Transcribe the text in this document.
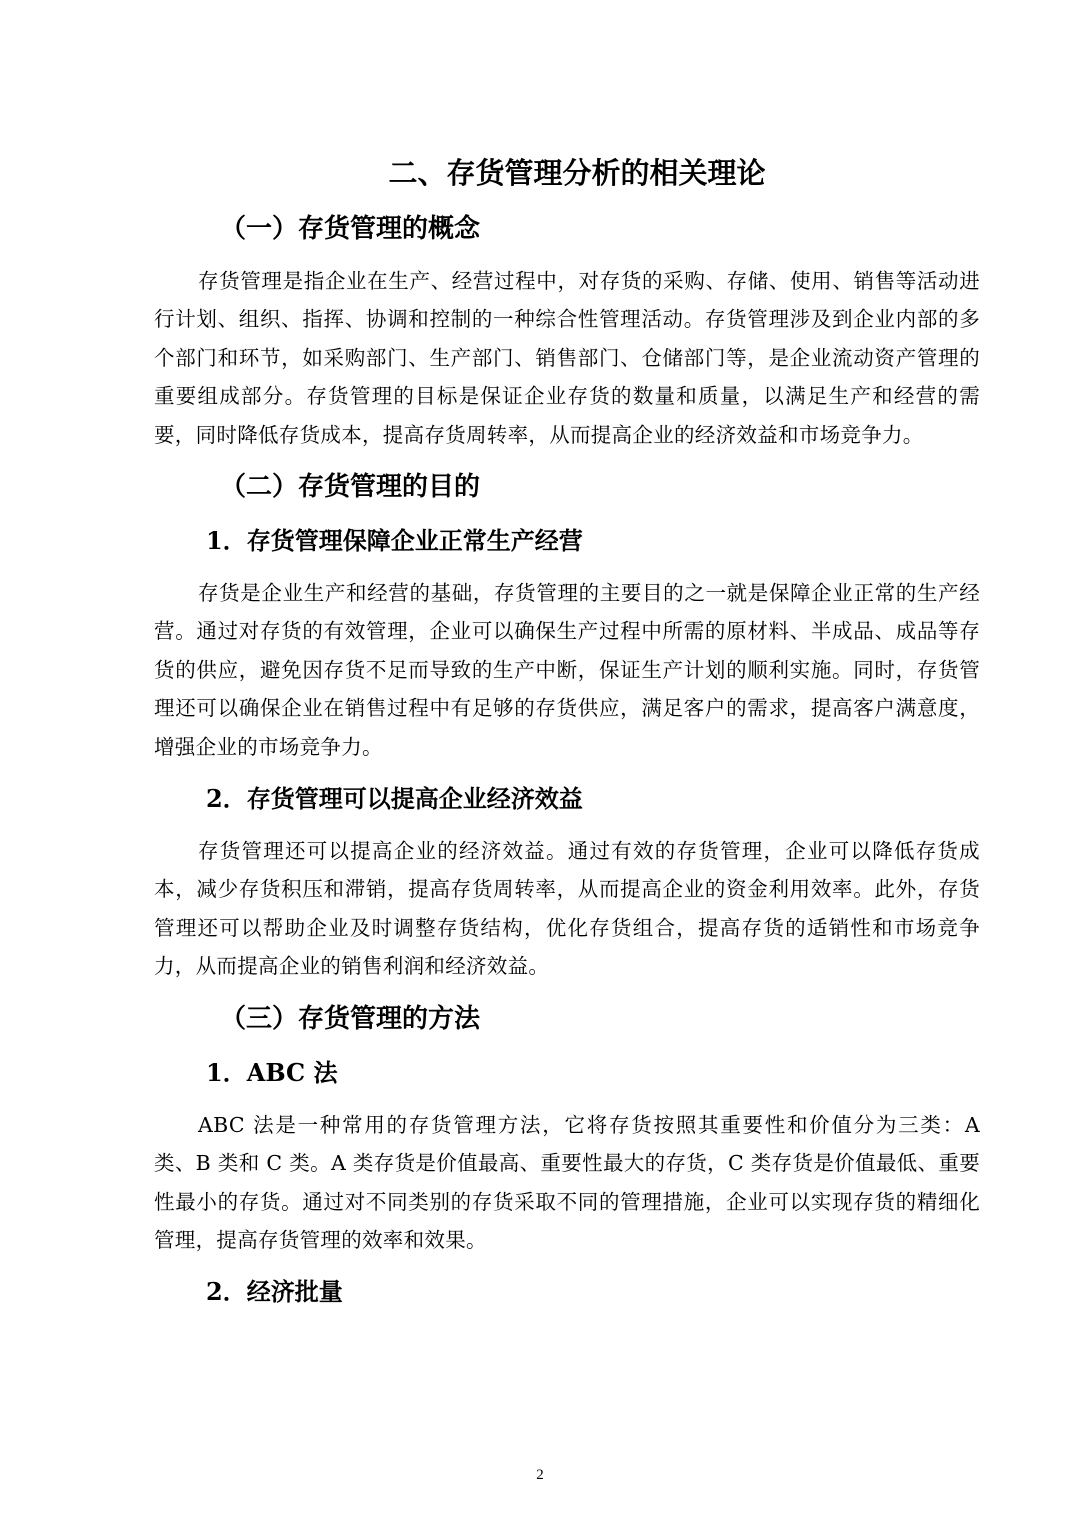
二、存货管理分析的相关理论
（一）存货管理的概念

存货管理是指企业在生产、经营过程中，对存货的采购、存储、使用、销售等活动进行计划、组织、指挥、协调和控制的一种综合性管理活动。存货管理涉及到企业内部的多个部门和环节，如采购部门、生产部门、销售部门、仓储部门等，是企业流动资产管理的重要组成部分。存货管理的目标是保证企业存货的数量和质量，以满足生产和经营的需要，同时降低存货成本，提高存货周转率，从而提高企业的经济效益和市场竞争力。

（二）存货管理的目的
1．存货管理保障企业正常生产经营

存货是企业生产和经营的基础，存货管理的主要目的之一就是保障企业正常的生产经营。通过对存货的有效管理，企业可以确保生产过程中所需的原材料、半成品、成品等存货的供应，避免因存货不足而导致的生产中断，保证生产计划的顺利实施。同时，存货管理还可以确保企业在销售过程中有足够的存货供应，满足客户的需求，提高客户满意度，增强企业的市场竞争力。

2．存货管理可以提高企业经济效益

存货管理还可以提高企业的经济效益。通过有效的存货管理，企业可以降低存货成本，减少存货积压和滞销，提高存货周转率，从而提高企业的资金利用效率。此外，存货管理还可以帮助企业及时调整存货结构，优化存货组合，提高存货的适销性和市场竞争力，从而提高企业的销售利润和经济效益。

（三）存货管理的方法
1．ABC 法

ABC 法是一种常用的存货管理方法，它将存货按照其重要性和价值分为三类：A 类、B 类和 C 类。A 类存货是价值最高、重要性最大的存货，C 类存货是价值最低、重要性最小的存货。通过对不同类别的存货采取不同的管理措施，企业可以实现存货的精细化管理，提高存货管理的效率和效果。

2．经济批量
2
